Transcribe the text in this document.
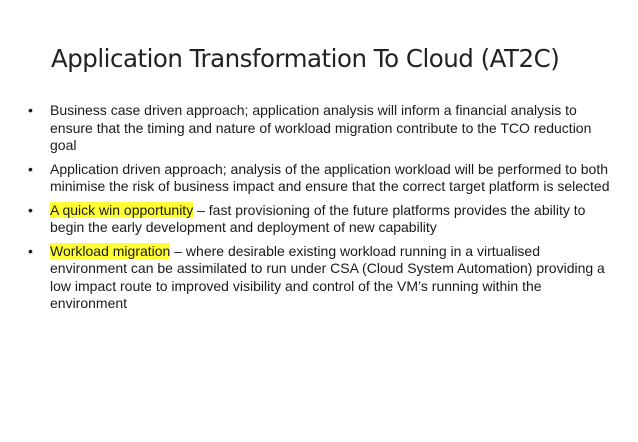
Application Transformation To Cloud (AT2C)
• Business case driven approach; application analysis will inform a financial analysis to ensure that the timing and nature of workload migration contribute to the TCO reduction goal
• Application driven approach; analysis of the application workload will be performed to both minimise the risk of business impact and ensure that the correct target platform is selected
• A quick win opportunity – fast provisioning of the future platforms provides the ability to begin the early development and deployment of new capability
• Workload migration – where desirable existing workload running in a virtualised environment can be assimilated to run under CSA (Cloud System Automation) providing a low impact route to improved visibility and control of the VM’s running within the environment
